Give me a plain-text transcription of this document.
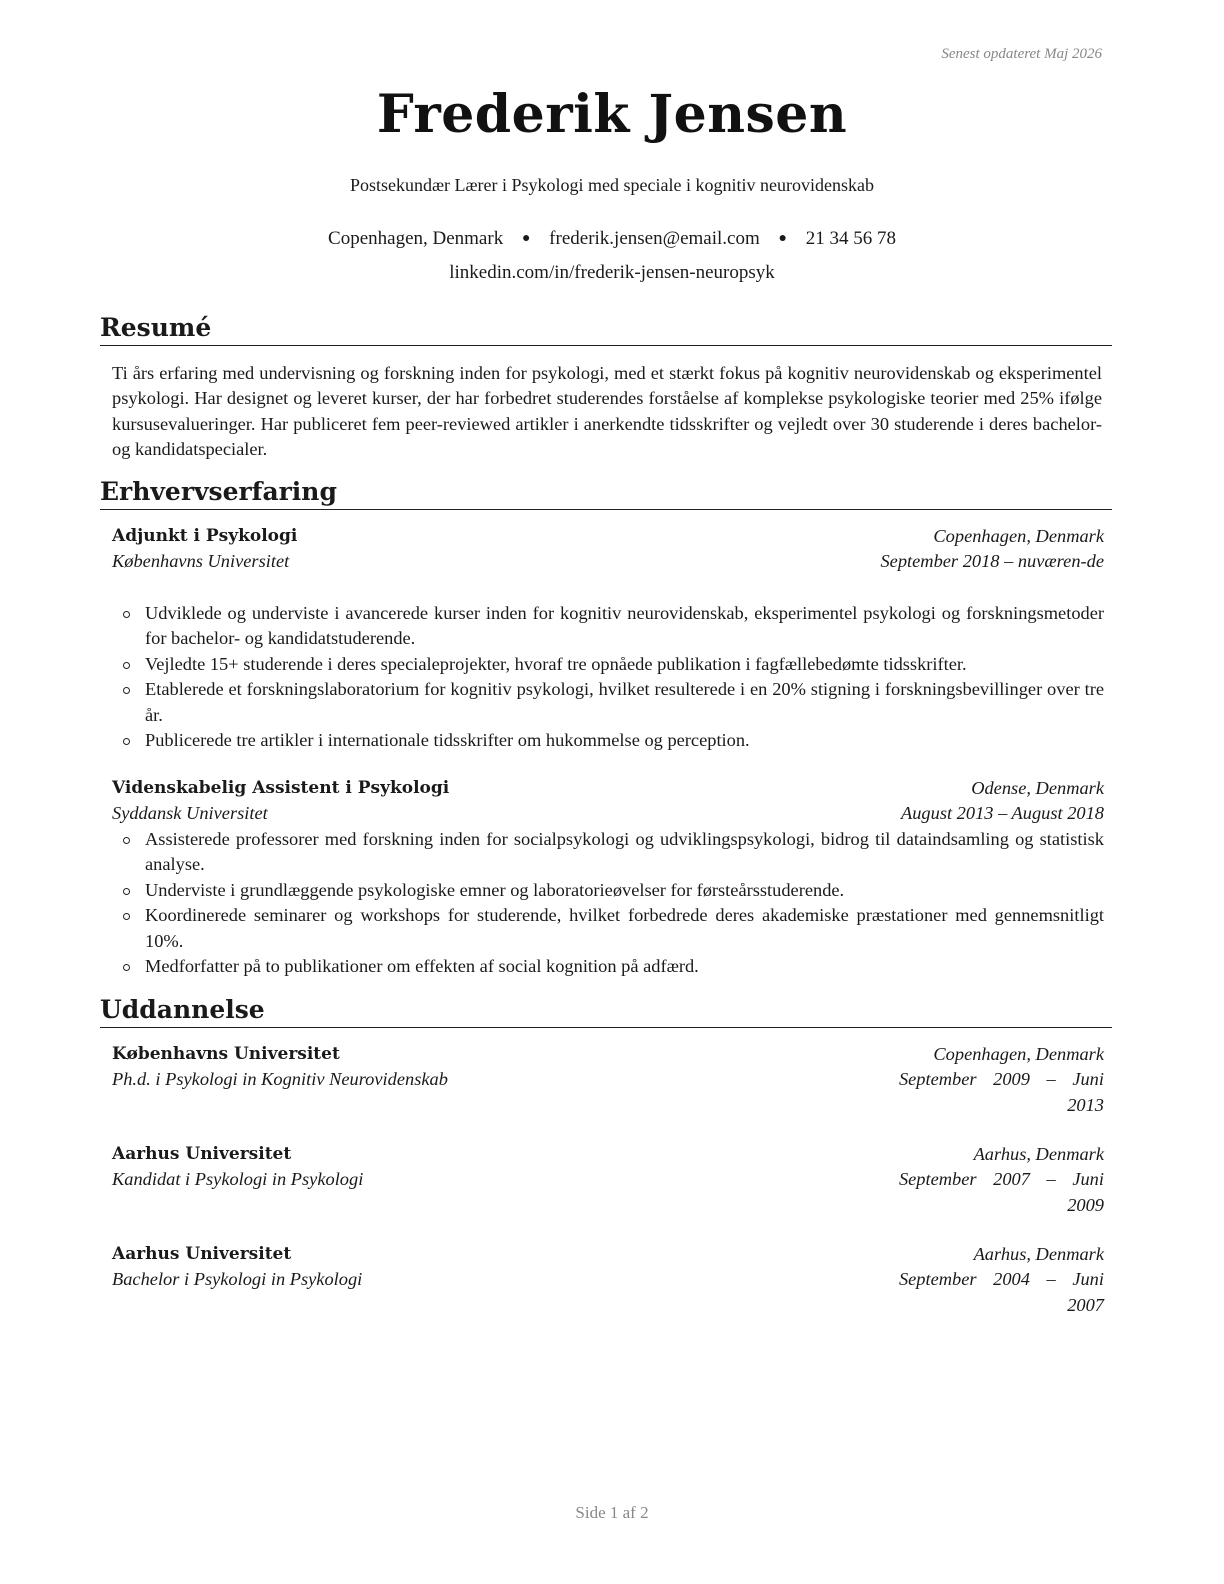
Senest opdateret Maj 2026
Frederik Jensen
Postsekundær Lærer i Psykologi med speciale i kognitiv neurovidenskab
Copenhagen, Denmark ● frederik.jensen@email.com ● 21 34 56 78
linkedin.com/in/frederik-jensen-neuropsyk
Resumé
Ti års erfaring med undervisning og forskning inden for psykologi, med et stærkt fokus på kognitiv neurovidenskab og eksperimentel psykologi. Har designet og leveret kurser, der har forbedret studerendes forståelse af komplekse psykologiske teorier med 25% ifølge kursusevalueringer. Har publiceret fem peer-reviewed artikler i anerkendte tidsskrifter og vejledt over 30 studerende i deres bachelor- og kandidatspecialer.
Erhvervserfaring
Adjunkt i Psykologi
Københavns Universitet
Copenhagen, Denmark
September 2018 – nuværen-de
Udviklede og underviste i avancerede kurser inden for kognitiv neurovidenskab, eksperimentel psykologi og forskningsmetoder for bachelor- og kandidatstuderende.
Vejledte 15+ studerende i deres specialeprojekter, hvoraf tre opnåede publikation i fagfællebedømte tidsskrifter.
Etablerede et forskningslaboratorium for kognitiv psykologi, hvilket resulterede i en 20% stigning i forskningsbevillinger over tre år.
Publicerede tre artikler i internationale tidsskrifter om hukommelse og perception.
Videnskabelig Assistent i Psykologi
Syddansk Universitet
Odense, Denmark
August 2013 – August 2018
Assisterede professorer med forskning inden for socialpsykologi og udviklingspsykologi, bidrog til dataindsamling og statistisk analyse.
Underviste i grundlæggende psykologiske emner og laboratorieøvelser for førsteårsstuderende.
Koordinerede seminarer og workshops for studerende, hvilket forbedrede deres akademiske præstationer med gennemsnitligt 10%.
Medforfatter på to publikationer om effekten af social kognition på adfærd.
Uddannelse
Københavns Universitet
Ph.d. i Psykologi in Kognitiv Neurovidenskab
Copenhagen, Denmark
September 2009 – Juni
2013
Aarhus Universitet
Kandidat i Psykologi in Psykologi
Aarhus, Denmark
September 2007 – Juni
2009
Aarhus Universitet
Bachelor i Psykologi in Psykologi
Aarhus, Denmark
September 2004 – Juni
2007
Side 1 af 2
